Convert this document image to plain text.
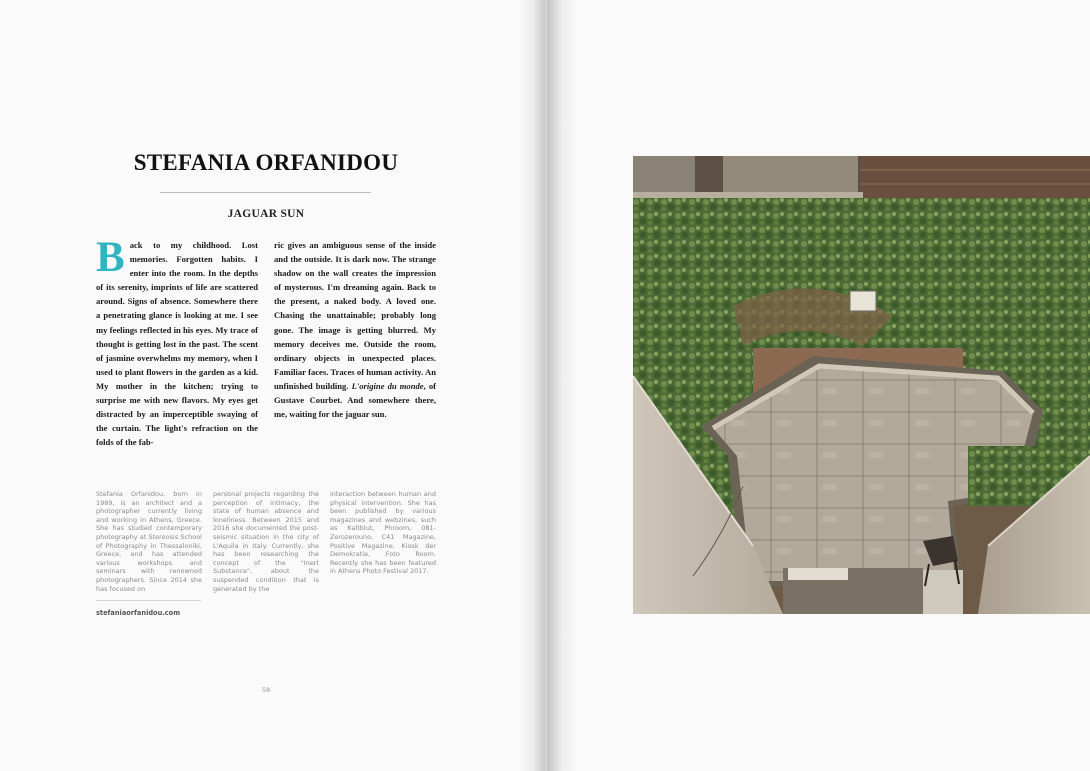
STEFANIA ORFANIDOU
JAGUAR SUN

Back to my childhood. Lost memories. Forgotten habits. I enter into the room. In the depths of its serenity, imprints of life are scattered around. Signs of absence. Somewhere there a penetrating glance is looking at me. I see my feelings reflected in his eyes. My trace of thought is getting lost in the past. The scent of jasmine overwhelms my memory, when I used to plant flowers in the garden as a kid. My mother in the kitchen; trying to surprise me with new flavors. My eyes get distracted by an imperceptible swaying of the curtain. The light's refraction on the folds of the fab-

ric gives an ambiguous sense of the inside and the outside. It is dark now. The strange shadow on the wall creates the impression of mysterous. I'm dreaming again. Back to the present, a naked body. A loved one. Chasing the unattainable; probably long gone. The image is getting blurred. My memory deceives me. Outside the room, ordinary objects in unexpected places. Familiar faces. Traces of human activity. An unfinished building. L'origine du monde, of Gustave Courbet. And somewhere there, me, waiting for the jaguar sun.

Stefania Orfanidou, born in 1989, is an architect and a photographer currently living and working in Athens, Greece. She has studied contemporary photography at Stereosis School of Photography in Thessaloniki, Greece, and has attended various workshops and seminars with renowned photographers. Since 2014 she has focused on

personal projects regarding the perception of intimacy, the state of human absence and loneliness. Between 2015 and 2016 she documented the post-seismic situation in the city of L'Aquila in Italy. Currently, she has been researching the concept of the "Inert Substance", about the suspended condition that is generated by the

interaction between human and physical intervention. She has been published by various magazines and webzines, such as Kaltblut, Phroom, 081-Zerozerouno, C41 Magazine, Positive Magazine, Kiosk der Demokratie, Foto Room. Recently she has been featured in Athens Photo Festival 2017.

stefaniaorfanidou.com
58
